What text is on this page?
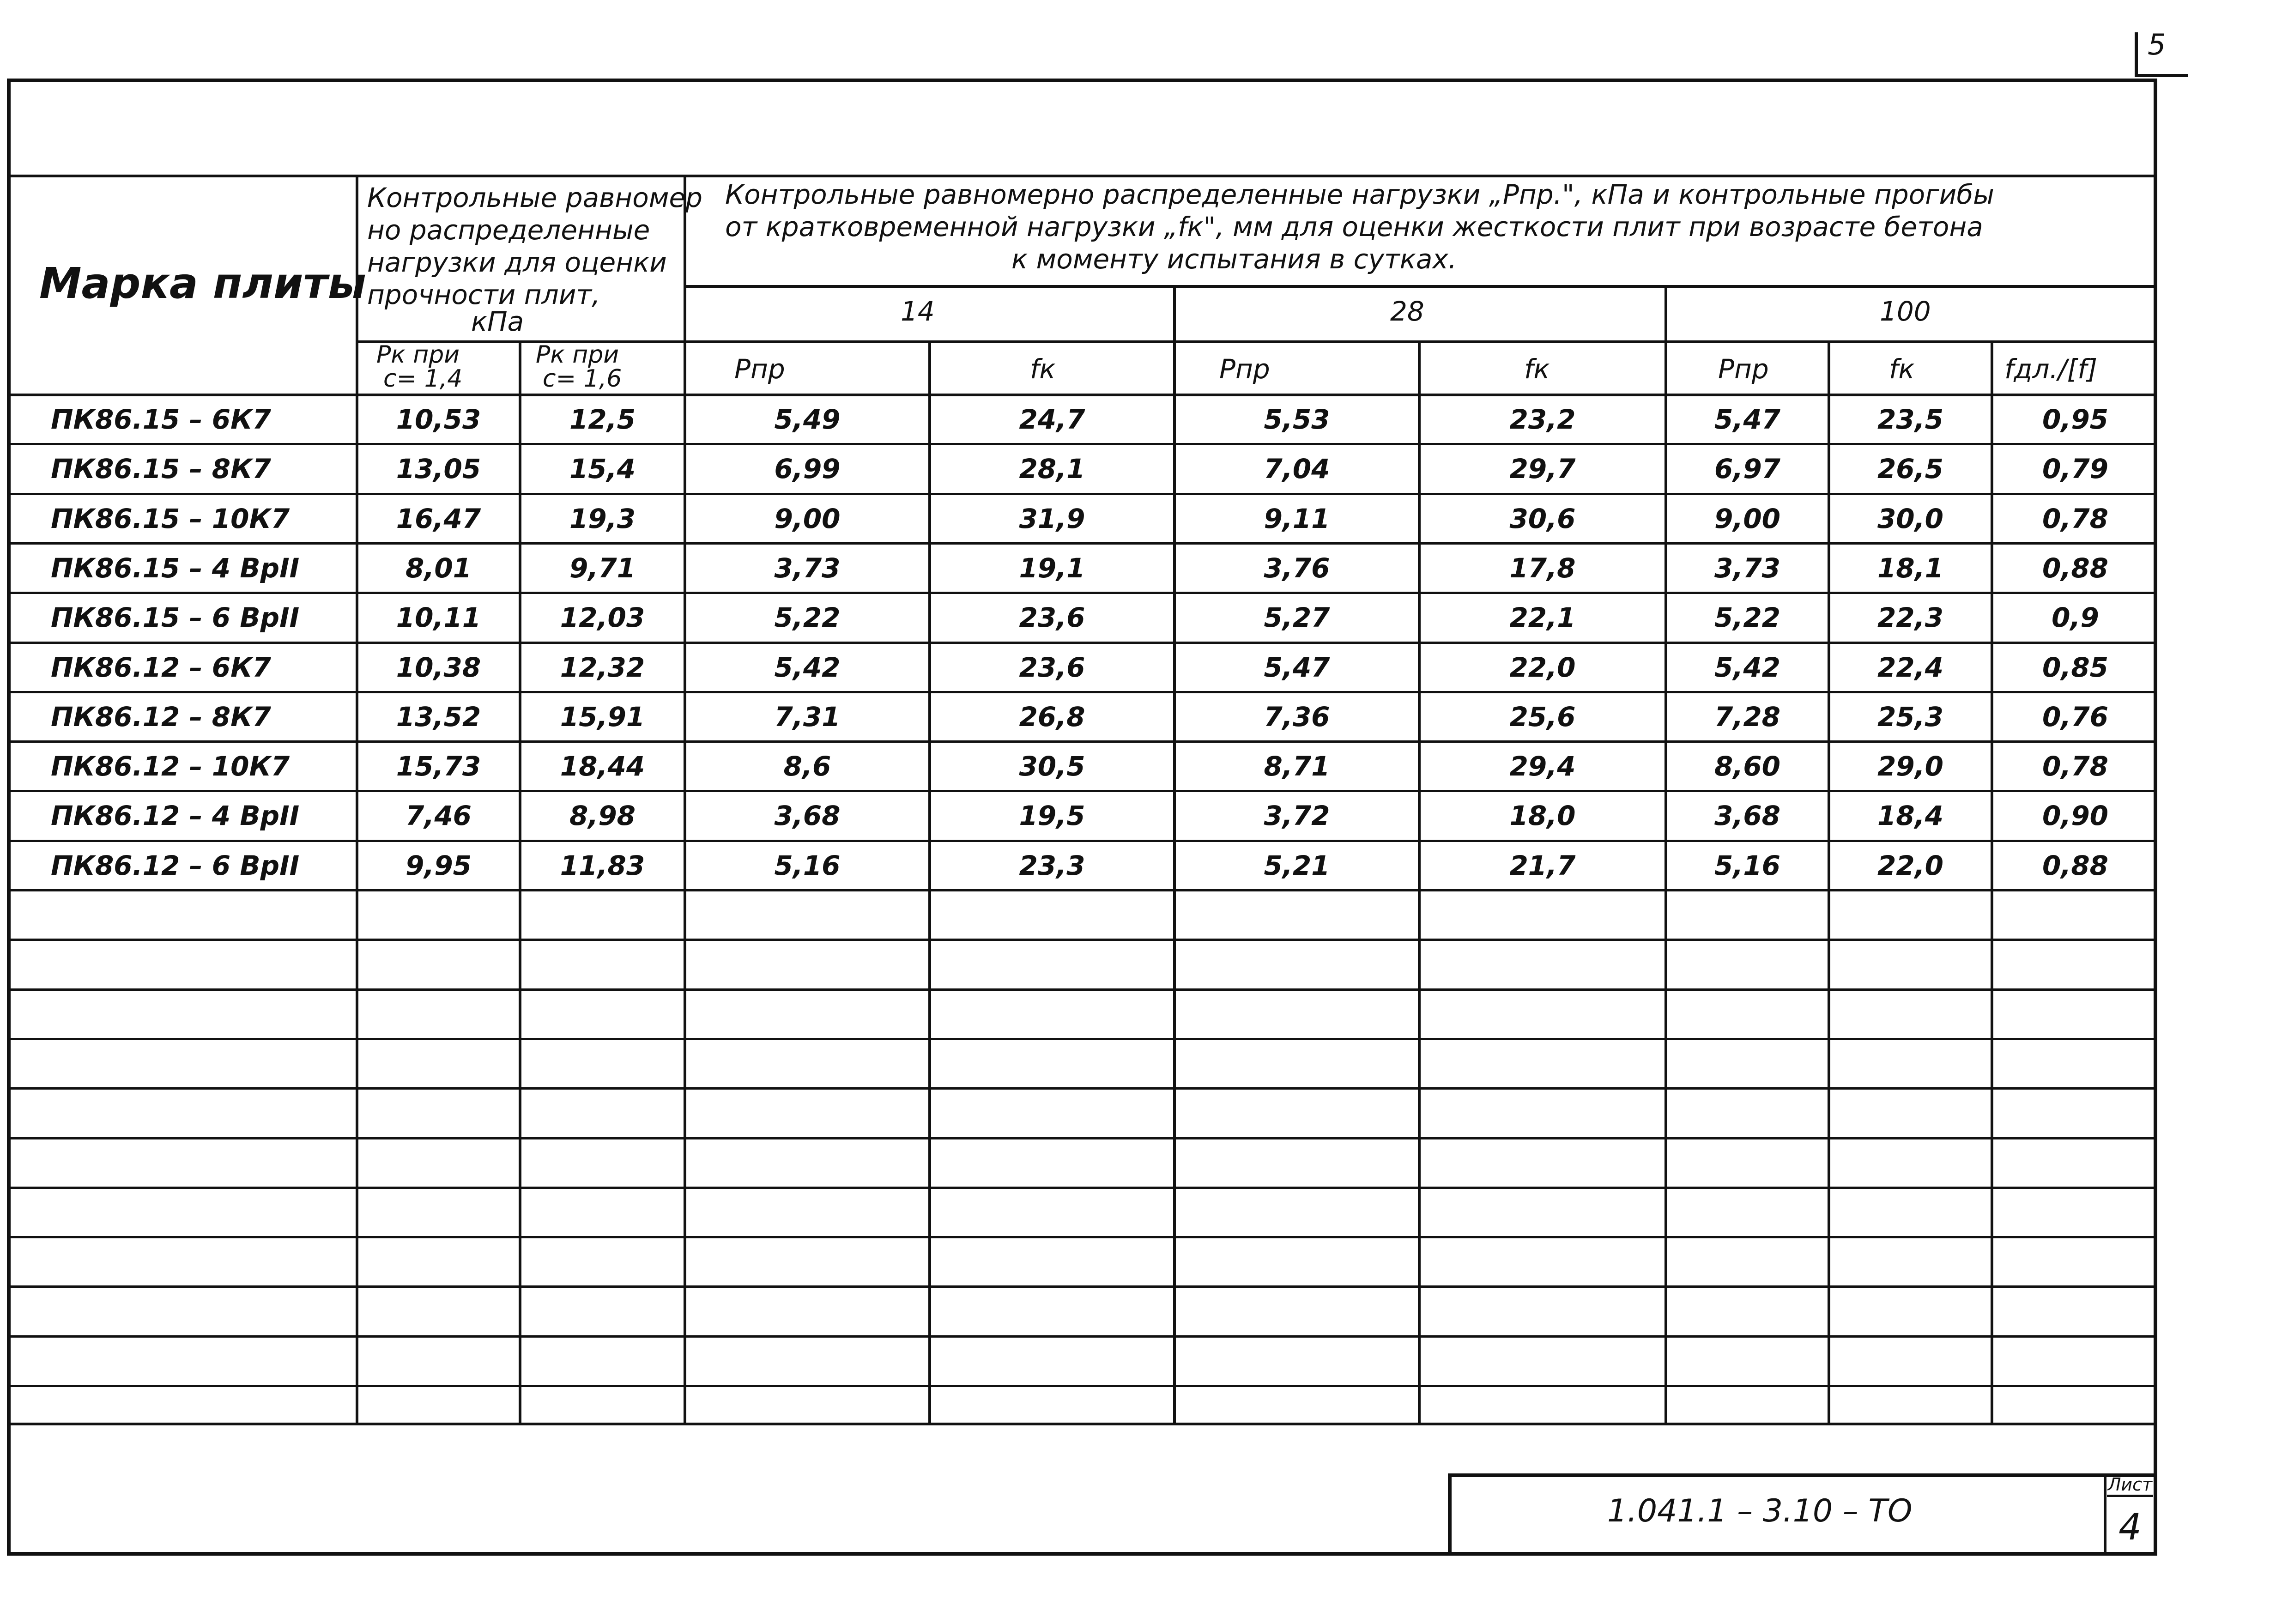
5
Марка плиты
Контрольные равномер
но распределенные
нагрузки для оценки
прочности плит,
кПа
Контрольные равномерно распределенные нагрузки „Pпр.", кПа и контрольные прогибы
от кратковременной нагрузки „fк", мм для оценки жесткости плит при возрасте бетона
к моменту испытания в сутках.
14	28	100
Pк при
c= 1,4
Pк при
c= 1,6	Pпр	fк	Pпр	fк	Pпр	fк	fдл./[f]
ПК86.15 – 6К7	10,53	12,5	5,49	24,7	5,53	23,2	5,47	23,5	0,95
ПК86.15 – 8К7	13,05	15,4	6,99	28,1	7,04	29,7	6,97	26,5	0,79
ПК86.15 – 10К7	16,47	19,3	9,00	31,9	9,11	30,6	9,00	30,0	0,78
ПК86.15 – 4 ВрII	8,01	9,71	3,73	19,1	3,76	17,8	3,73	18,1	0,88
ПК86.15 – 6 ВрII	10,11	12,03	5,22	23,6	5,27	22,1	5,22	22,3	0,9
ПК86.12 – 6К7	10,38	12,32	5,42	23,6	5,47	22,0	5,42	22,4	0,85
ПК86.12 – 8К7	13,52	15,91	7,31	26,8	7,36	25,6	7,28	25,3	0,76
ПК86.12 – 10К7	15,73	18,44	8,6	30,5	8,71	29,4	8,60	29,0	0,78
ПК86.12 – 4 ВрII	7,46	8,98	3,68	19,5	3,72	18,0	3,68	18,4	0,90
ПК86.12 – 6 ВрII	9,95	11,83	5,16	23,3	5,21	21,7	5,16	22,0	0,88
1.041.1 – 3.10 – ТО
Лист
4
